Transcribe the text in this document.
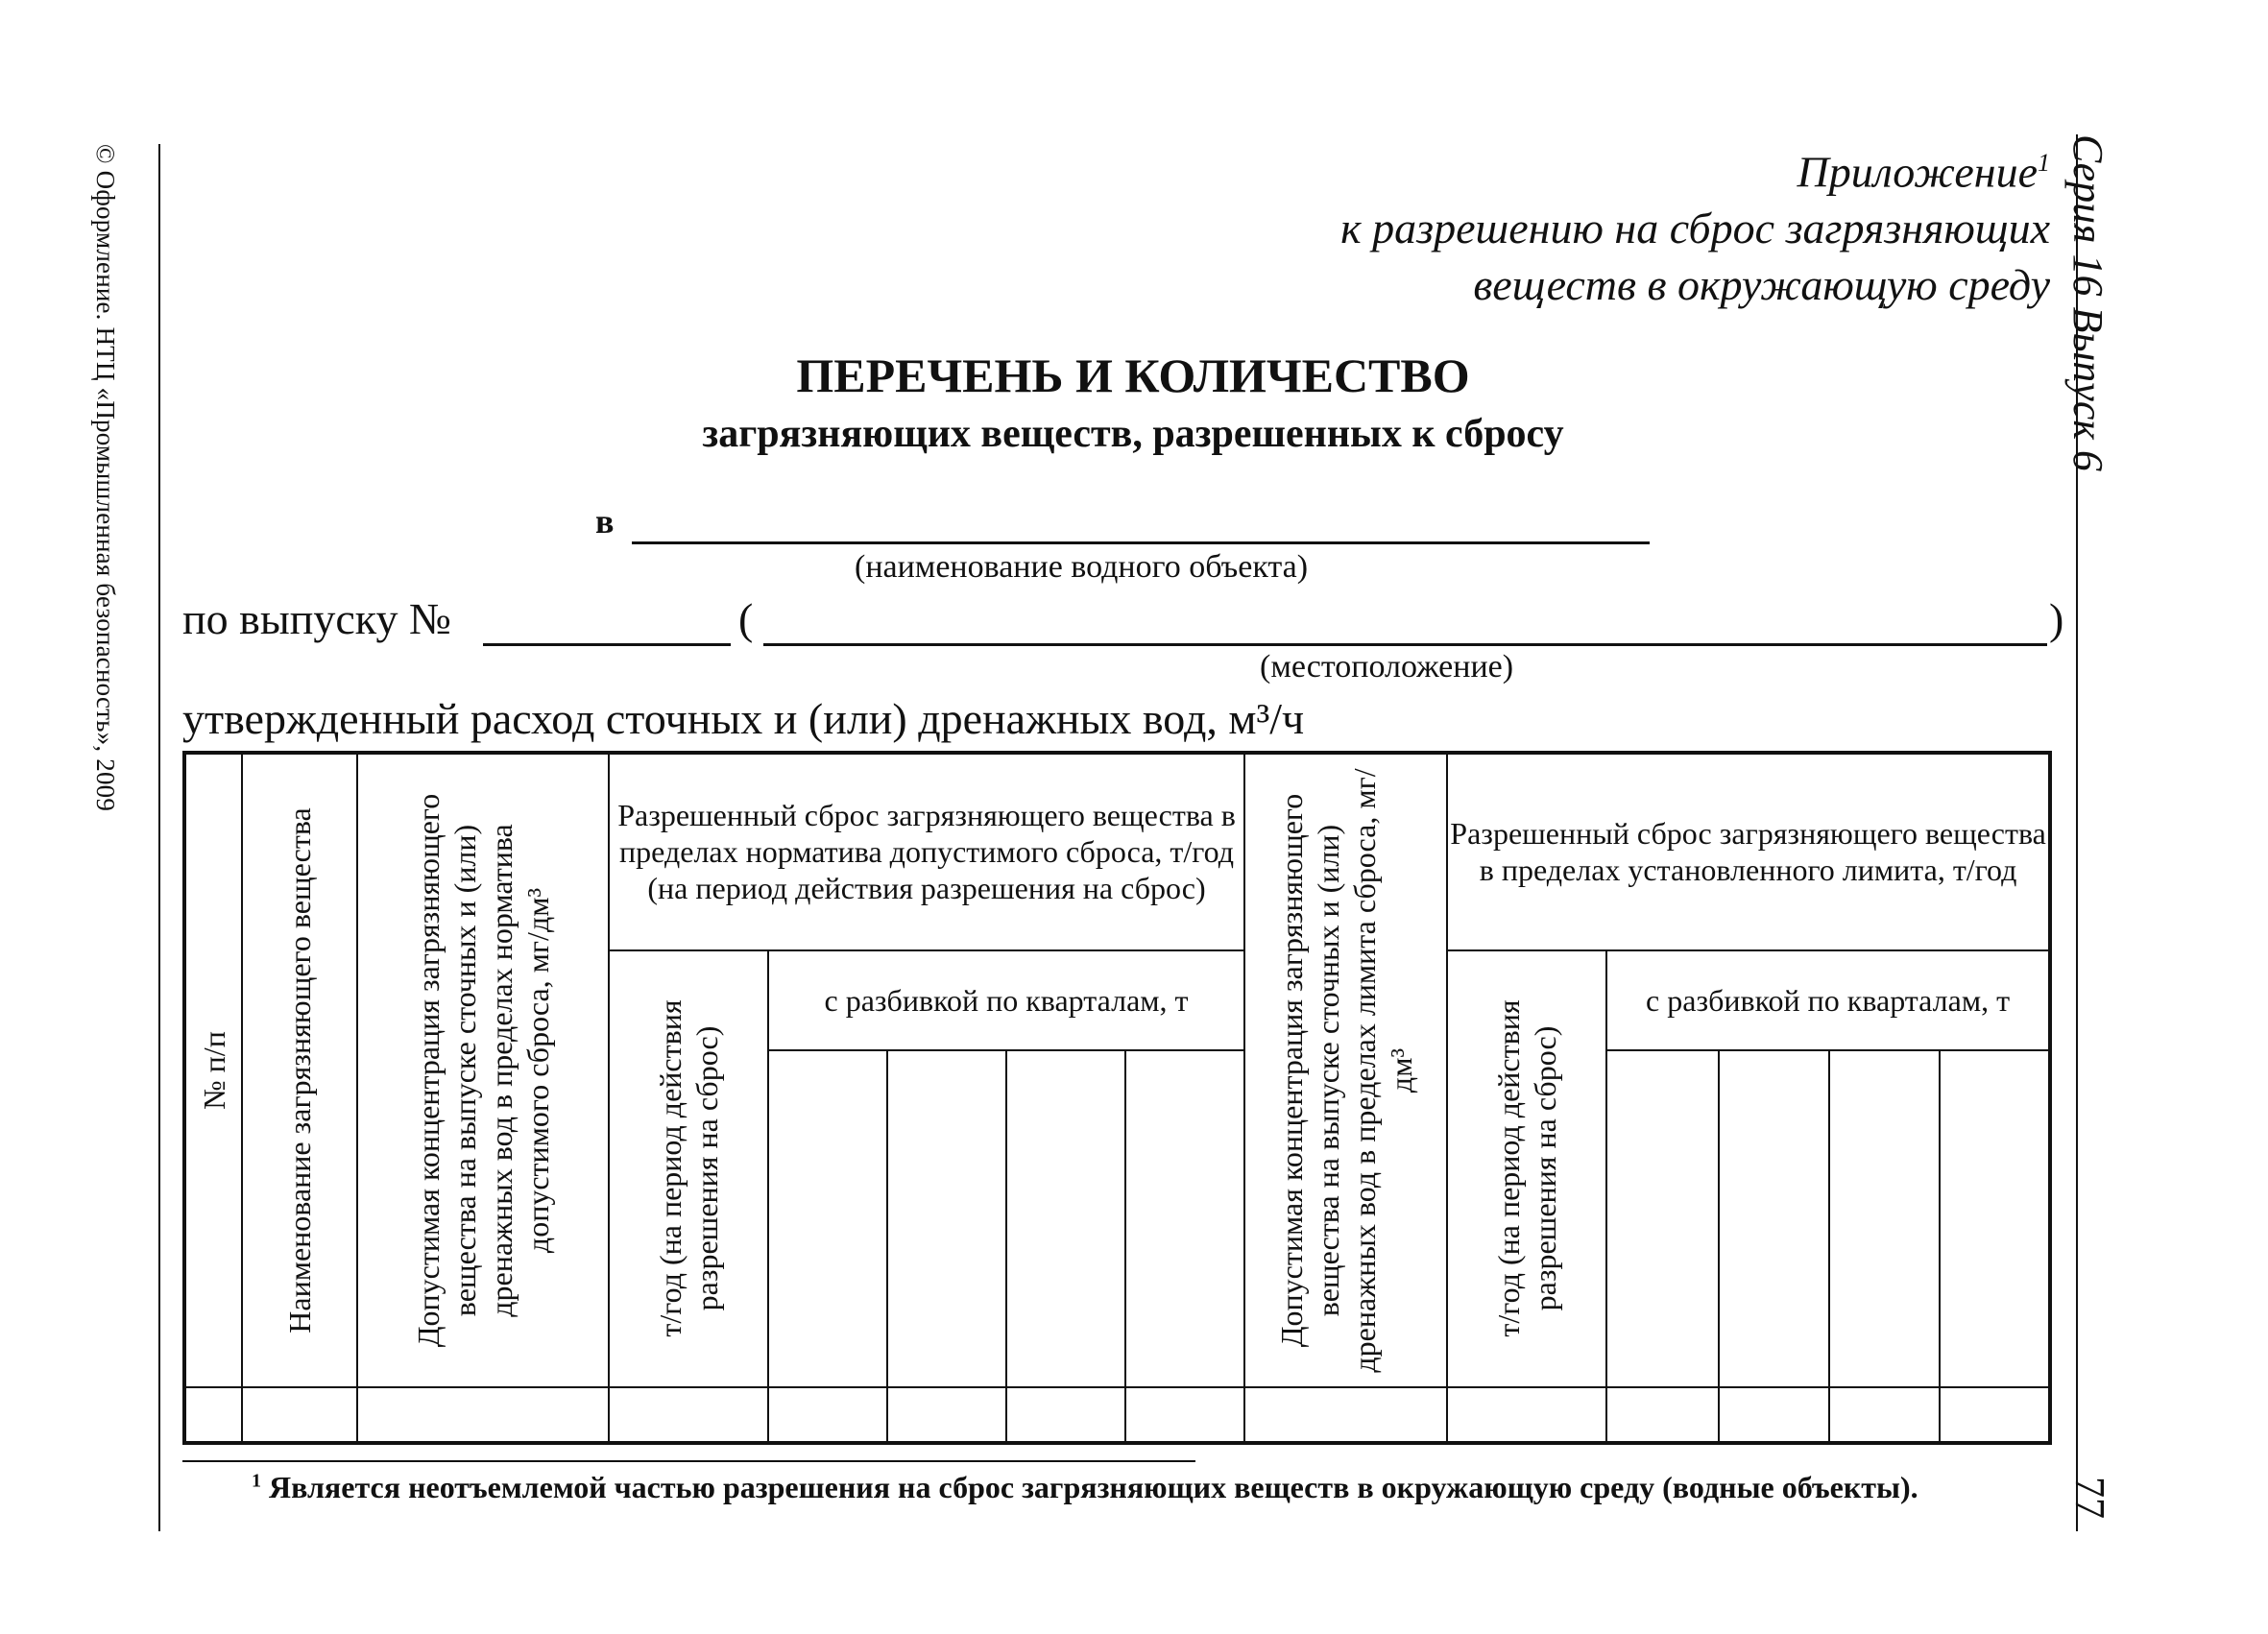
© Оформление. НТЦ «Промышленная безопасность», 2009	Серия 16 Выпуск 6
77
Приложение$^1$
к разрешению на сброс загрязняющих
веществ в окружающую среду
ПЕРЕЧЕНЬ И КОЛИЧЕСТВО
загрязняющих веществ, разрешенных к сбросу
в
(наименование водного объекта)
по выпуску №	(	)
(местоположение)
утвержденный расход сточных и (или) дренажных вод, м³/ч
№ п/п	Наименование загрязняющего вещества	Допустимая концентрация загрязняющего вещества на выпуске сточных и (или) дренажных вод в пределах норматива допустимого сброса, мг/дм³	Разрешенный сброс загрязняющего вещества в пределах норматива допустимого сброса, т/год (на период действия разрешения на сброс)					Допустимая концентрация загрязняющего вещества на выпуске сточных и (или) дренажных вод в пределах лимита сброса, мг/дм³	Разрешенный сброс загрязняющего вещества в пределах установленного лимита, т/год				

			т/год (на период действия разрешения на сброс)	с разбивкой по кварталам, т					т/год (на период действия разрешения на сброс)	с разбивкой по кварталам, т			

$^1$ Является неотъемлемой частью разрешения на сброс загрязняющих веществ в окружающую среду (водные объекты).
